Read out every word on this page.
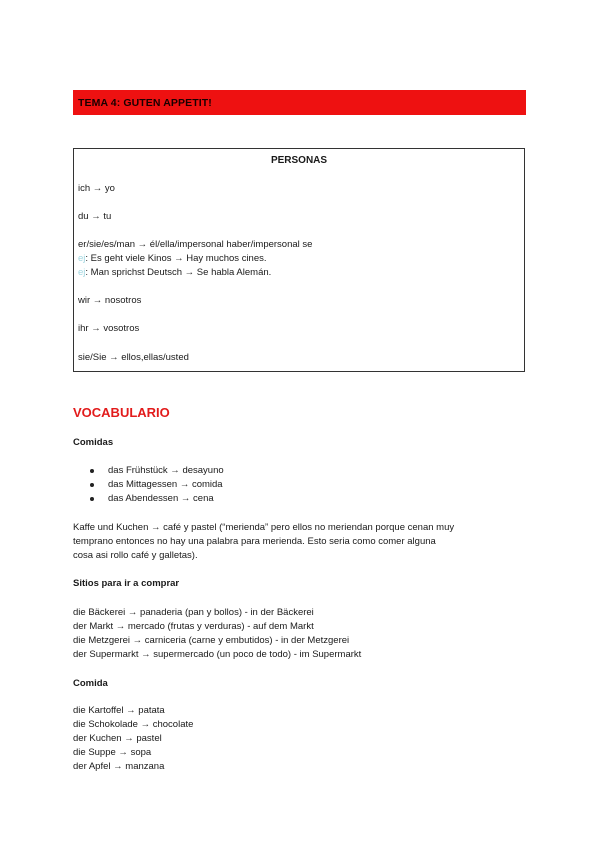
TEMA 4: GUTEN APPETIT!
PERSONAS
ich → yo
du → tu
er/sie/es/man → él/ella/impersonal haber/impersonal se
ej: Es geht viele Kinos → Hay muchos cines.
ej: Man sprichst Deutsch → Se habla Alemán.
wir → nosotros
ihr → vosotros
sie/Sie → ellos,ellas/usted
VOCABULARIO
Comidas
das Frühstück → desayuno
das Mittagessen → comida
das Abendessen → cena
Kaffe und Kuchen → café y pastel (“merienda” pero ellos no meriendan porque cenan muy
temprano entonces no hay una palabra para merienda. Esto seria como comer alguna
cosa asi rollo café y galletas).
Sitios para ir a comprar
die Bäckerei → panaderia (pan y bollos) - in der Bäckerei
der Markt → mercado (frutas y verduras) - auf dem Markt
die Metzgerei → carniceria (carne y embutidos) - in der Metzgerei
der Supermarkt → supermercado (un poco de todo) - im Supermarkt
Comida
die Kartoffel → patata
die Schokolade → chocolate
der Kuchen → pastel
die Suppe → sopa
der Apfel → manzana
